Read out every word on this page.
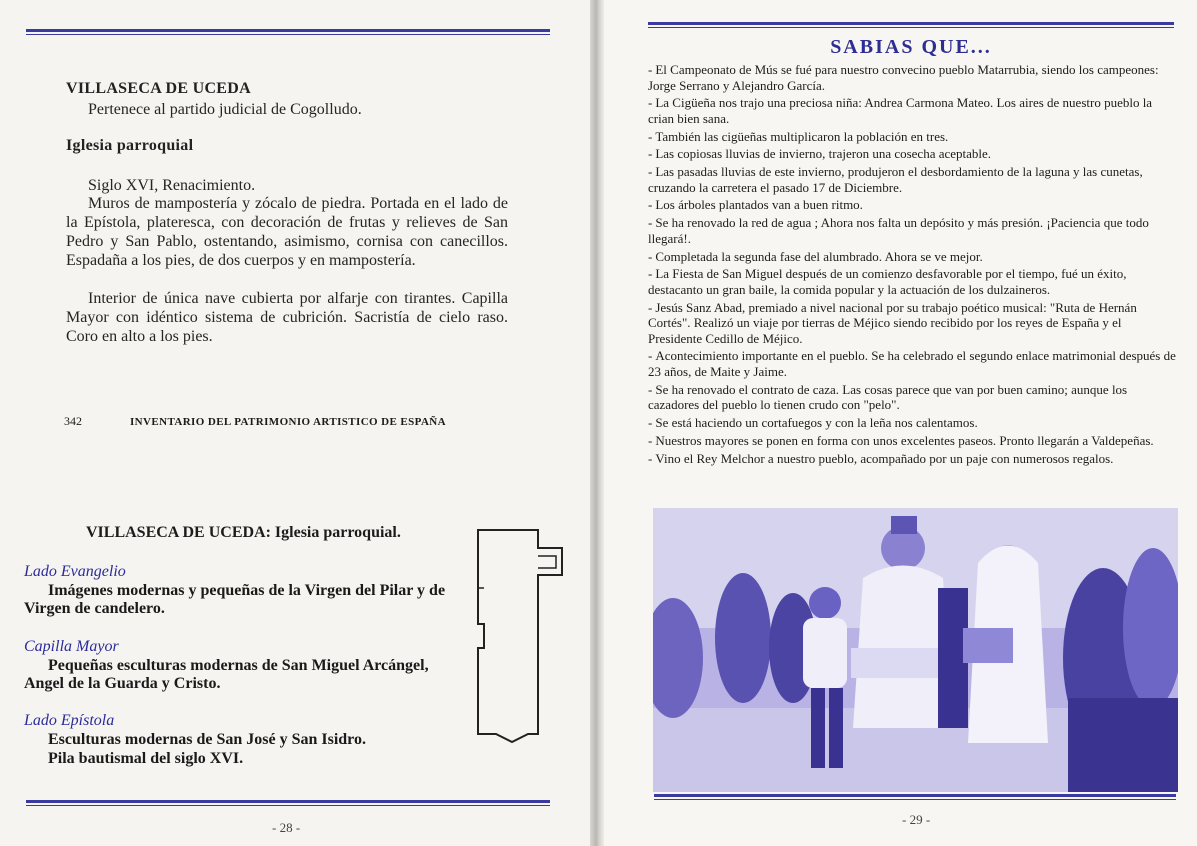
VILLASECA DE UCEDA
Pertenece al partido judicial de Cogolludo.
Iglesia parroquial
Siglo XVI, Renacimiento.
Muros de mampostería y zócalo de piedra. Portada en el lado de la Epístola, plateresca, con decoración de frutas y relieves de San Pedro y San Pablo, ostentando, asimismo, cornisa con canecillos. Espadaña a los pies, de dos cuerpos y en mampostería.
Interior de única nave cubierta por alfarje con tirantes. Capilla Mayor con idéntico sistema de cubrición. Sacristía de cielo raso. Coro en alto a los pies.
342	INVENTARIO DEL PATRIMONIO ARTISTICO DE ESPAÑA
VILLASECA DE UCEDA: Iglesia parroquial.
Lado Evangelio
Imágenes modernas y pequeñas de la Virgen del Pilar y de Virgen de candelero.
Capilla Mayor
Pequeñas esculturas modernas de San Miguel Arcángel, Angel de la Guarda y Cristo.
Lado Epístola
Esculturas modernas de San José y San Isidro.
Pila bautismal del siglo XVI.
- 28 -
SABIAS QUE...

- El Campeonato de Mús se fué para nuestro convecino pueblo Matarrubia, siendo los campeones: Jorge Serrano y Alejandro García.

- La Cigüeña nos trajo una preciosa niña: Andrea Carmona Mateo. Los aires de nuestro pueblo la crian bien sana.

- También las cigüeñas multiplicaron la población en tres.

- Las copiosas lluvias de invierno, trajeron una cosecha aceptable.

- Las pasadas lluvias de este invierno, produjeron el desbordamiento de la laguna y las cunetas, cruzando la carretera el pasado 17 de Diciembre.

- Los árboles plantados van a buen ritmo.

- Se ha renovado la red de agua ; Ahora nos falta un depósito y más presión. ¡Paciencia que todo llegará!.

- Completada la segunda fase del alumbrado. Ahora se ve mejor.

- La Fiesta de San Miguel después de un comienzo desfavorable por el tiempo, fué un éxito, destacanto un gran baile, la comida popular y la actuación de los dulzaineros.

- Jesús Sanz Abad, premiado a nivel nacional por su trabajo poético musical: "Ruta de Hernán Cortés". Realizó un viaje por tierras de Méjico siendo recibido por los reyes de España y el Presidente Cedillo de Méjico.

- Acontecimiento importante en el pueblo. Se ha celebrado el segundo enlace matrimonial después de 23 años, de Maite y Jaime.

- Se ha renovado el contrato de caza. Las cosas parece que van por buen camino; aunque los cazadores del pueblo lo tienen crudo con "pelo".

- Se está haciendo un cortafuegos y con la leña nos calentamos.

- Nuestros mayores se ponen en forma con unos excelentes paseos. Pronto llegarán a Valdepeñas.

- Vino el Rey Melchor a nuestro pueblo, acompañado por un paje con numerosos regalos.

- 29 -
